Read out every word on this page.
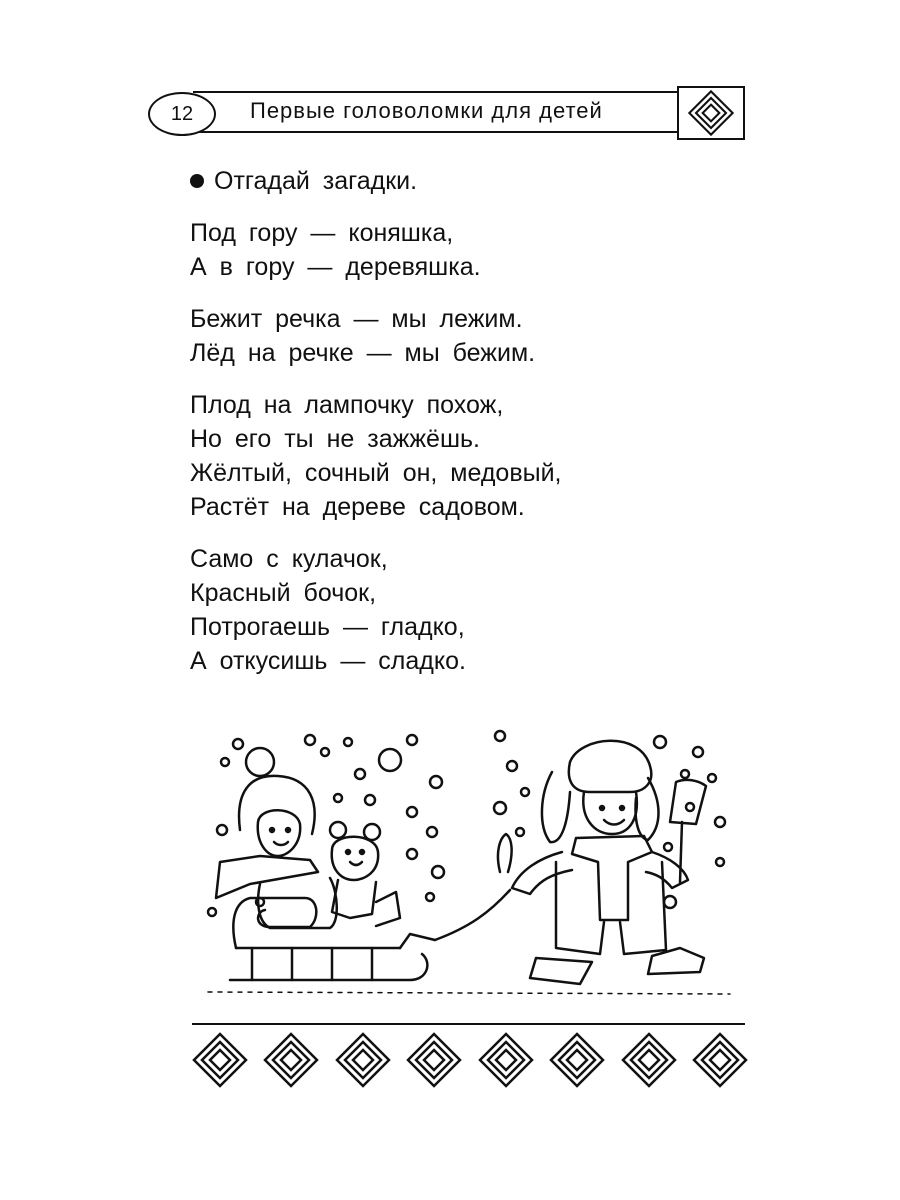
12	Первые головоломки для детей
Отгадай загадки.
Под гору — коняшка,
А в гору — деревяшка.
Бежит речка — мы лежим.
Лёд на речке — мы бежим.
Плод на лампочку похож,
Но его ты не зажжёшь.
Жёлтый, сочный он, медовый,
Растёт на дереве садовом.
Само с кулачок,
Красный бочок,
Потрогаешь — гладко,
А откусишь — сладко.
